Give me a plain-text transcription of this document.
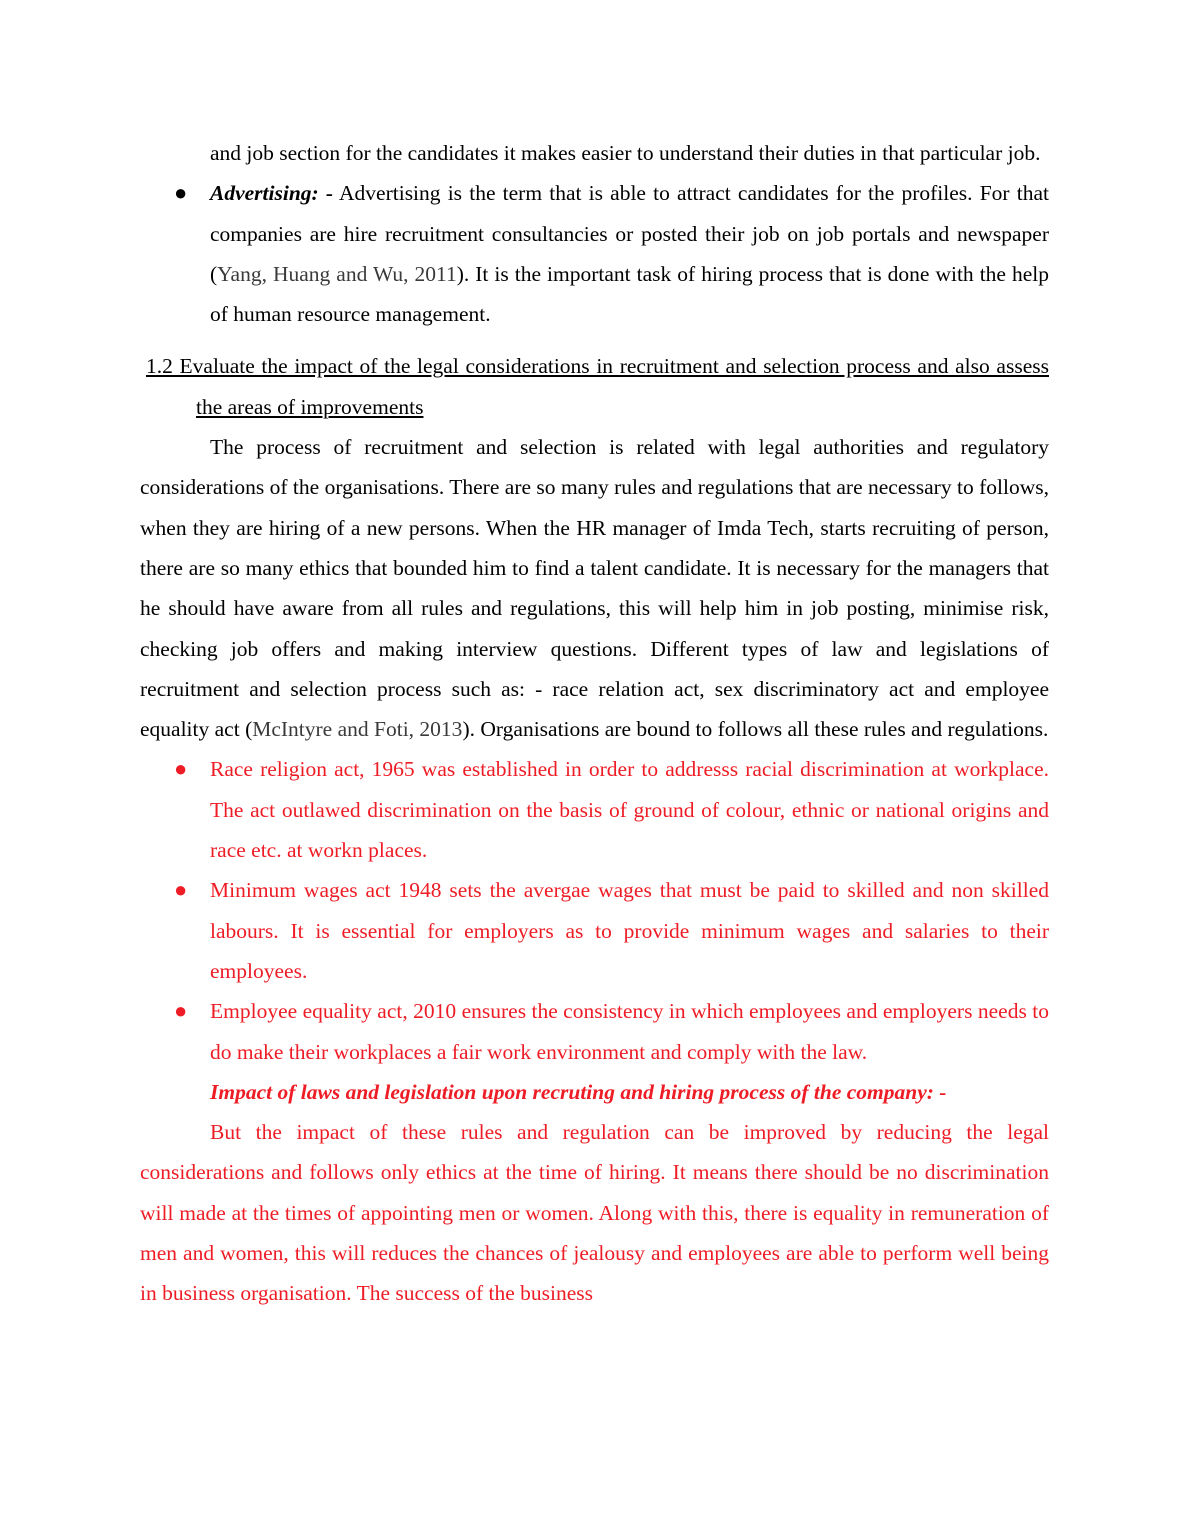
and job section for the candidates it makes easier to understand their duties in that particular job.

● Advertising: - Advertising is the term that is able to attract candidates for the profiles. For that companies are hire recruitment consultancies or posted their job on job portals and newspaper (Yang, Huang and Wu, 2011). It is the important task of hiring process that is done with the help of human resource management.

1.2 Evaluate the impact of the legal considerations in recruitment and selection process and also assess the areas of improvements

The process of recruitment and selection is related with legal authorities and regulatory considerations of the organisations. There are so many rules and regulations that are necessary to follows, when they are hiring of a new persons. When the HR manager of Imda Tech, starts recruiting of person, there are so many ethics that bounded him to find a talent candidate. It is necessary for the managers that he should have aware from all rules and regulations, this will help him in job posting, minimise risk, checking job offers and making interview questions. Different types of law and legislations of recruitment and selection process such as: - race relation act, sex discriminatory act and employee equality act (McIntyre and Foti, 2013). Organisations are bound to follows all these rules and regulations.

● Race religion act, 1965 was established in order to addresss racial discrimination at workplace. The act outlawed discrimination on the basis of ground of colour, ethnic or national origins and race etc. at workn places.
● Minimum wages act 1948 sets the avergae wages that must be paid to skilled and non skilled labours. It is essential for employers as to provide minimum wages and salaries to their employees.
● Employee equality act, 2010 ensures the consistency in which employees and employers needs to do make their workplaces a fair work environment and comply with the law.

Impact of laws and legislation upon recruting and hiring process of the company: -

But the impact of these rules and regulation can be improved by reducing the legal considerations and follows only ethics at the time of hiring. It means there should be no discrimination will made at the times of appointing men or women. Along with this, there is equality in remuneration of men and women, this will reduces the chances of jealousy and employees are able to perform well being in business organisation. The success of the business
